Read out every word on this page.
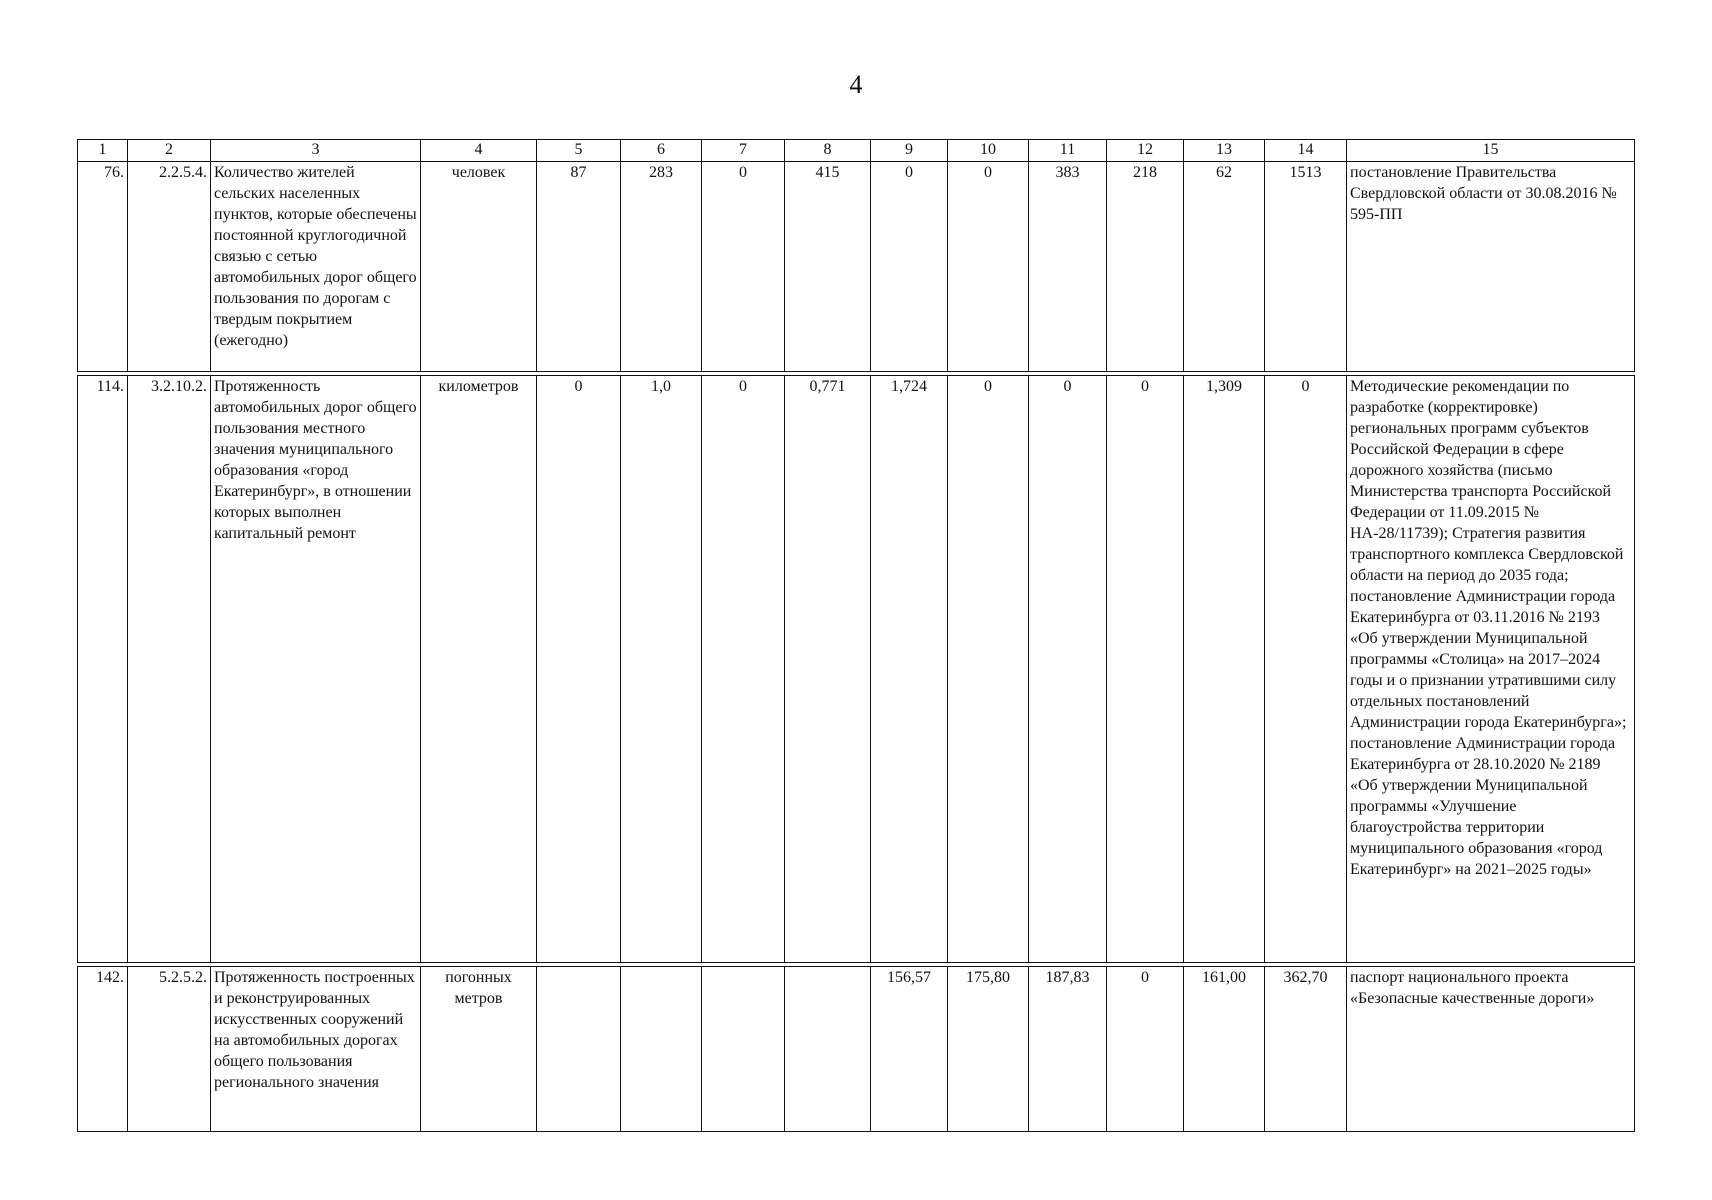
4
1	2	3	4	5	6	7	8	9	10	11	12	13	14	15
76.	2.2.5.4.	Количество жителей сельских населенных пунктов, которые обеспечены постоянной круглогодичной связью с сетью автомобильных дорог общего пользования по дорогам с твердым покрытием (ежегодно)	человек	87	283	0	415	0	0	383	218	62	1513	постановление Правительства Свердловской области от 30.08.2016 № 595-ПП

114.	3.2.10.2.	Протяженность автомобильных дорог общего пользования местного значения муниципального образования «город Екатеринбург», в отношении которых выполнен капитальный ремонт	километров	0	1,0	0	0,771	1,724	0	0	0	1,309	0	Методические рекомендации по разработке (корректировке) региональных программ субъектов Российской Федерации в сфере дорожного хозяйства (письмо Министерства транспорта Российской Федерации от 11.09.2015 № НА-28/11739); Стратегия развития транспортного комплекса Свердловской области на период до 2035 года; постановление Администрации города Екатеринбурга от 03.11.2016 № 2193 «Об утверждении Муниципальной программы «Столица» на 2017–2024 годы и о признании утратившими силу отдельных постановлений Администрации города Екатеринбурга»; постановление Администрации города Екатеринбурга от 28.10.2020 № 2189 «Об утверждении Муниципальной программы «Улучшение благоустройства территории муниципального образования «город Екатеринбург» на 2021–2025 годы»

142.	5.2.5.2.	Протяженность построенных и реконструированных искусственных сооружений на автомобильных дорогах общего пользования регионального значения	погонных метров					156,57	175,80	187,83	0	161,00	362,70	паспорт национального проекта «Безопасные качественные дороги»
